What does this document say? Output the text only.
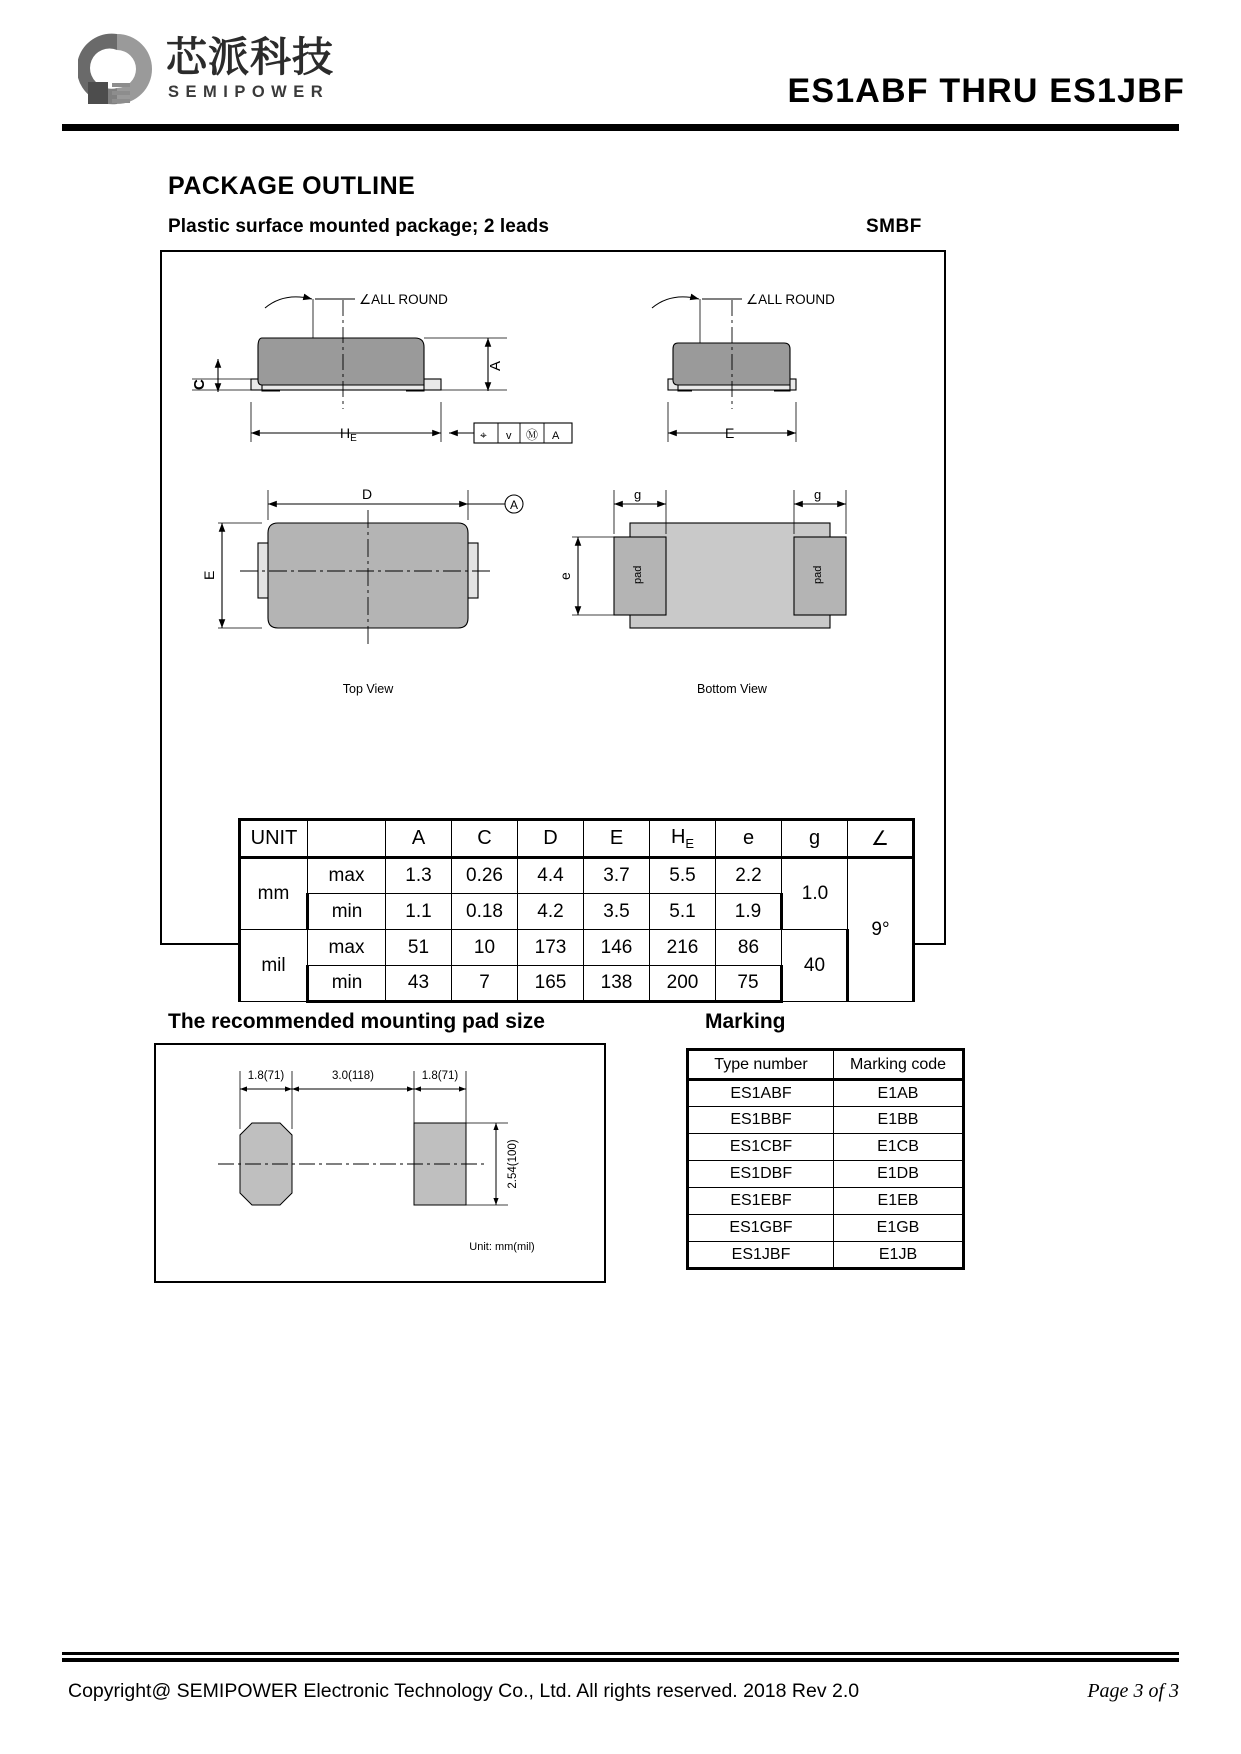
芯派科技
SEMIPOWER	ES1ABF THRU ES1JBF
PACKAGE OUTLINE
Plastic surface mounted package; 2 leads	SMBF
∠ALL ROUND	∠ALL ROUND
C
A
$H_E$	E
D
A
E
g	g
e	pad	pad
Top View	Bottom View
⌖ v Ⓜ A
UNIT		A	C	D	E	$H_E$	e	g	∠
mm	max	1.3	0.26	4.4	3.7	5.5	2.2	1.0	9°
	min	1.1	0.18	4.2	3.5	5.1	1.9		
mil	max	51	10	173	146	216	86	40	
	min	43	7	165	138	200	75		
The recommended mounting pad size	Marking
1.8(71)	3.0(118)	1.8(71)
2.54(100)
Unit: mm(mil)
Type number	Marking code
ES1ABF	E1AB
ES1BBF	E1BB
ES1CBF	E1CB
ES1DBF	E1DB
ES1EBF	E1EB
ES1GBF	E1GB
ES1JBF	E1JB
Copyright@ SEMIPOWER Electronic Technology Co., Ltd. All rights reserved. 2018 Rev 2.0	Page 3 of 3
